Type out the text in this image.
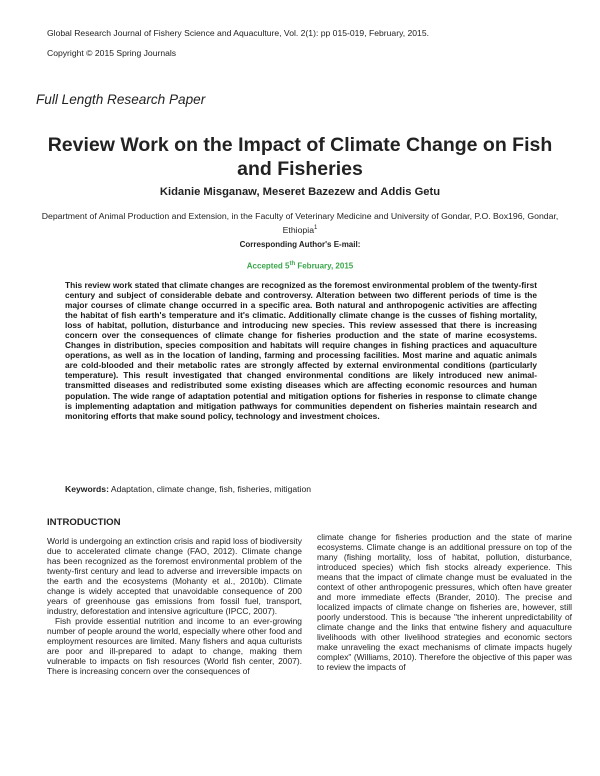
Global Research Journal of Fishery Science and Aquaculture, Vol. 2(1): pp 015-019, February, 2015.
Copyright © 2015 Spring Journals
Full Length Research Paper
Review Work on the Impact of Climate Change on Fish and Fisheries
Kidanie Misganaw, Meseret Bazezew and Addis Getu
Department of Animal Production and Extension, in the Faculty of Veterinary Medicine and University of Gondar, P.O. Box196, Gondar, Ethiopia$^1$
Corresponding Author's E-mail:
Accepted 5th February, 2015
This review work stated that climate changes are recognized as the foremost environmental problem of the twenty-first century and subject of considerable debate and controversy. Alteration between two different periods of time is the major courses of climate change occurred in a specific area. Both natural and anthropogenic activities are affecting the habitat of fish earth's temperature and it's climatic. Additionally climate change is the cusses of fishing mortality, loss of habitat, pollution, disturbance and introducing new species. This review assessed that there is increasing concern over the consequences of climate change for fisheries production and the state of marine ecosystems. Changes in distribution, species composition and habitats will require changes in fishing practices and aquaculture operations, as well as in the location of landing, farming and processing facilities. Most marine and aquatic animals are cold-blooded and their metabolic rates are strongly affected by external environmental conditions (particularly temperature). This result investigated that changed environmental conditions are likely introduced new animal-transmitted diseases and redistributed some existing diseases which are affecting economic resources and human population. The wide range of adaptation potential and mitigation options for fisheries in response to climate change is implementing adaptation and mitigation pathways for communities dependent on fisheries maintain research and monitoring efforts that make sound policy, technology and investment choices.
Keywords: Adaptation, climate change, fish, fisheries, mitigation
INTRODUCTION

World is undergoing an extinction crisis and rapid loss of biodiversity due to accelerated climate change (FAO, 2012). Climate change has been recognized as the foremost environmental problem of the twenty-first century and lead to adverse and irreversible impacts on the earth and the ecosystems (Mohanty et al., 2010b). Climate change is widely accepted that unavoidable consequence of 200 years of greenhouse gas emissions from fossil fuel, transport, industry, deforestation and intensive agriculture (IPCC, 2007).

Fish provide essential nutrition and income to an ever-growing number of people around the world, especially where other food and employment resources are limited. Many fishers and aqua culturists are poor and ill-prepared to adapt to change, making them vulnerable to impacts on fish resources (World fish center, 2007). There is increasing concern over the consequences of

climate change for fisheries production and the state of marine ecosystems. Climate change is an additional pressure on top of the many (fishing mortality, loss of habitat, pollution, disturbance, introduced species) which fish stocks already experience. This means that the impact of climate change must be evaluated in the context of other anthropogenic pressures, which often have greater and more immediate effects (Brander, 2010). The precise and localized impacts of climate change on fisheries are, however, still poorly understood. This is because "the inherent unpredictability of climate change and the links that entwine fishery and aquaculture livelihoods with other livelihood strategies and economic sectors make unraveling the exact mechanisms of climate impacts hugely complex" (Williams, 2010). Therefore the objective of this paper was to review the impacts of
